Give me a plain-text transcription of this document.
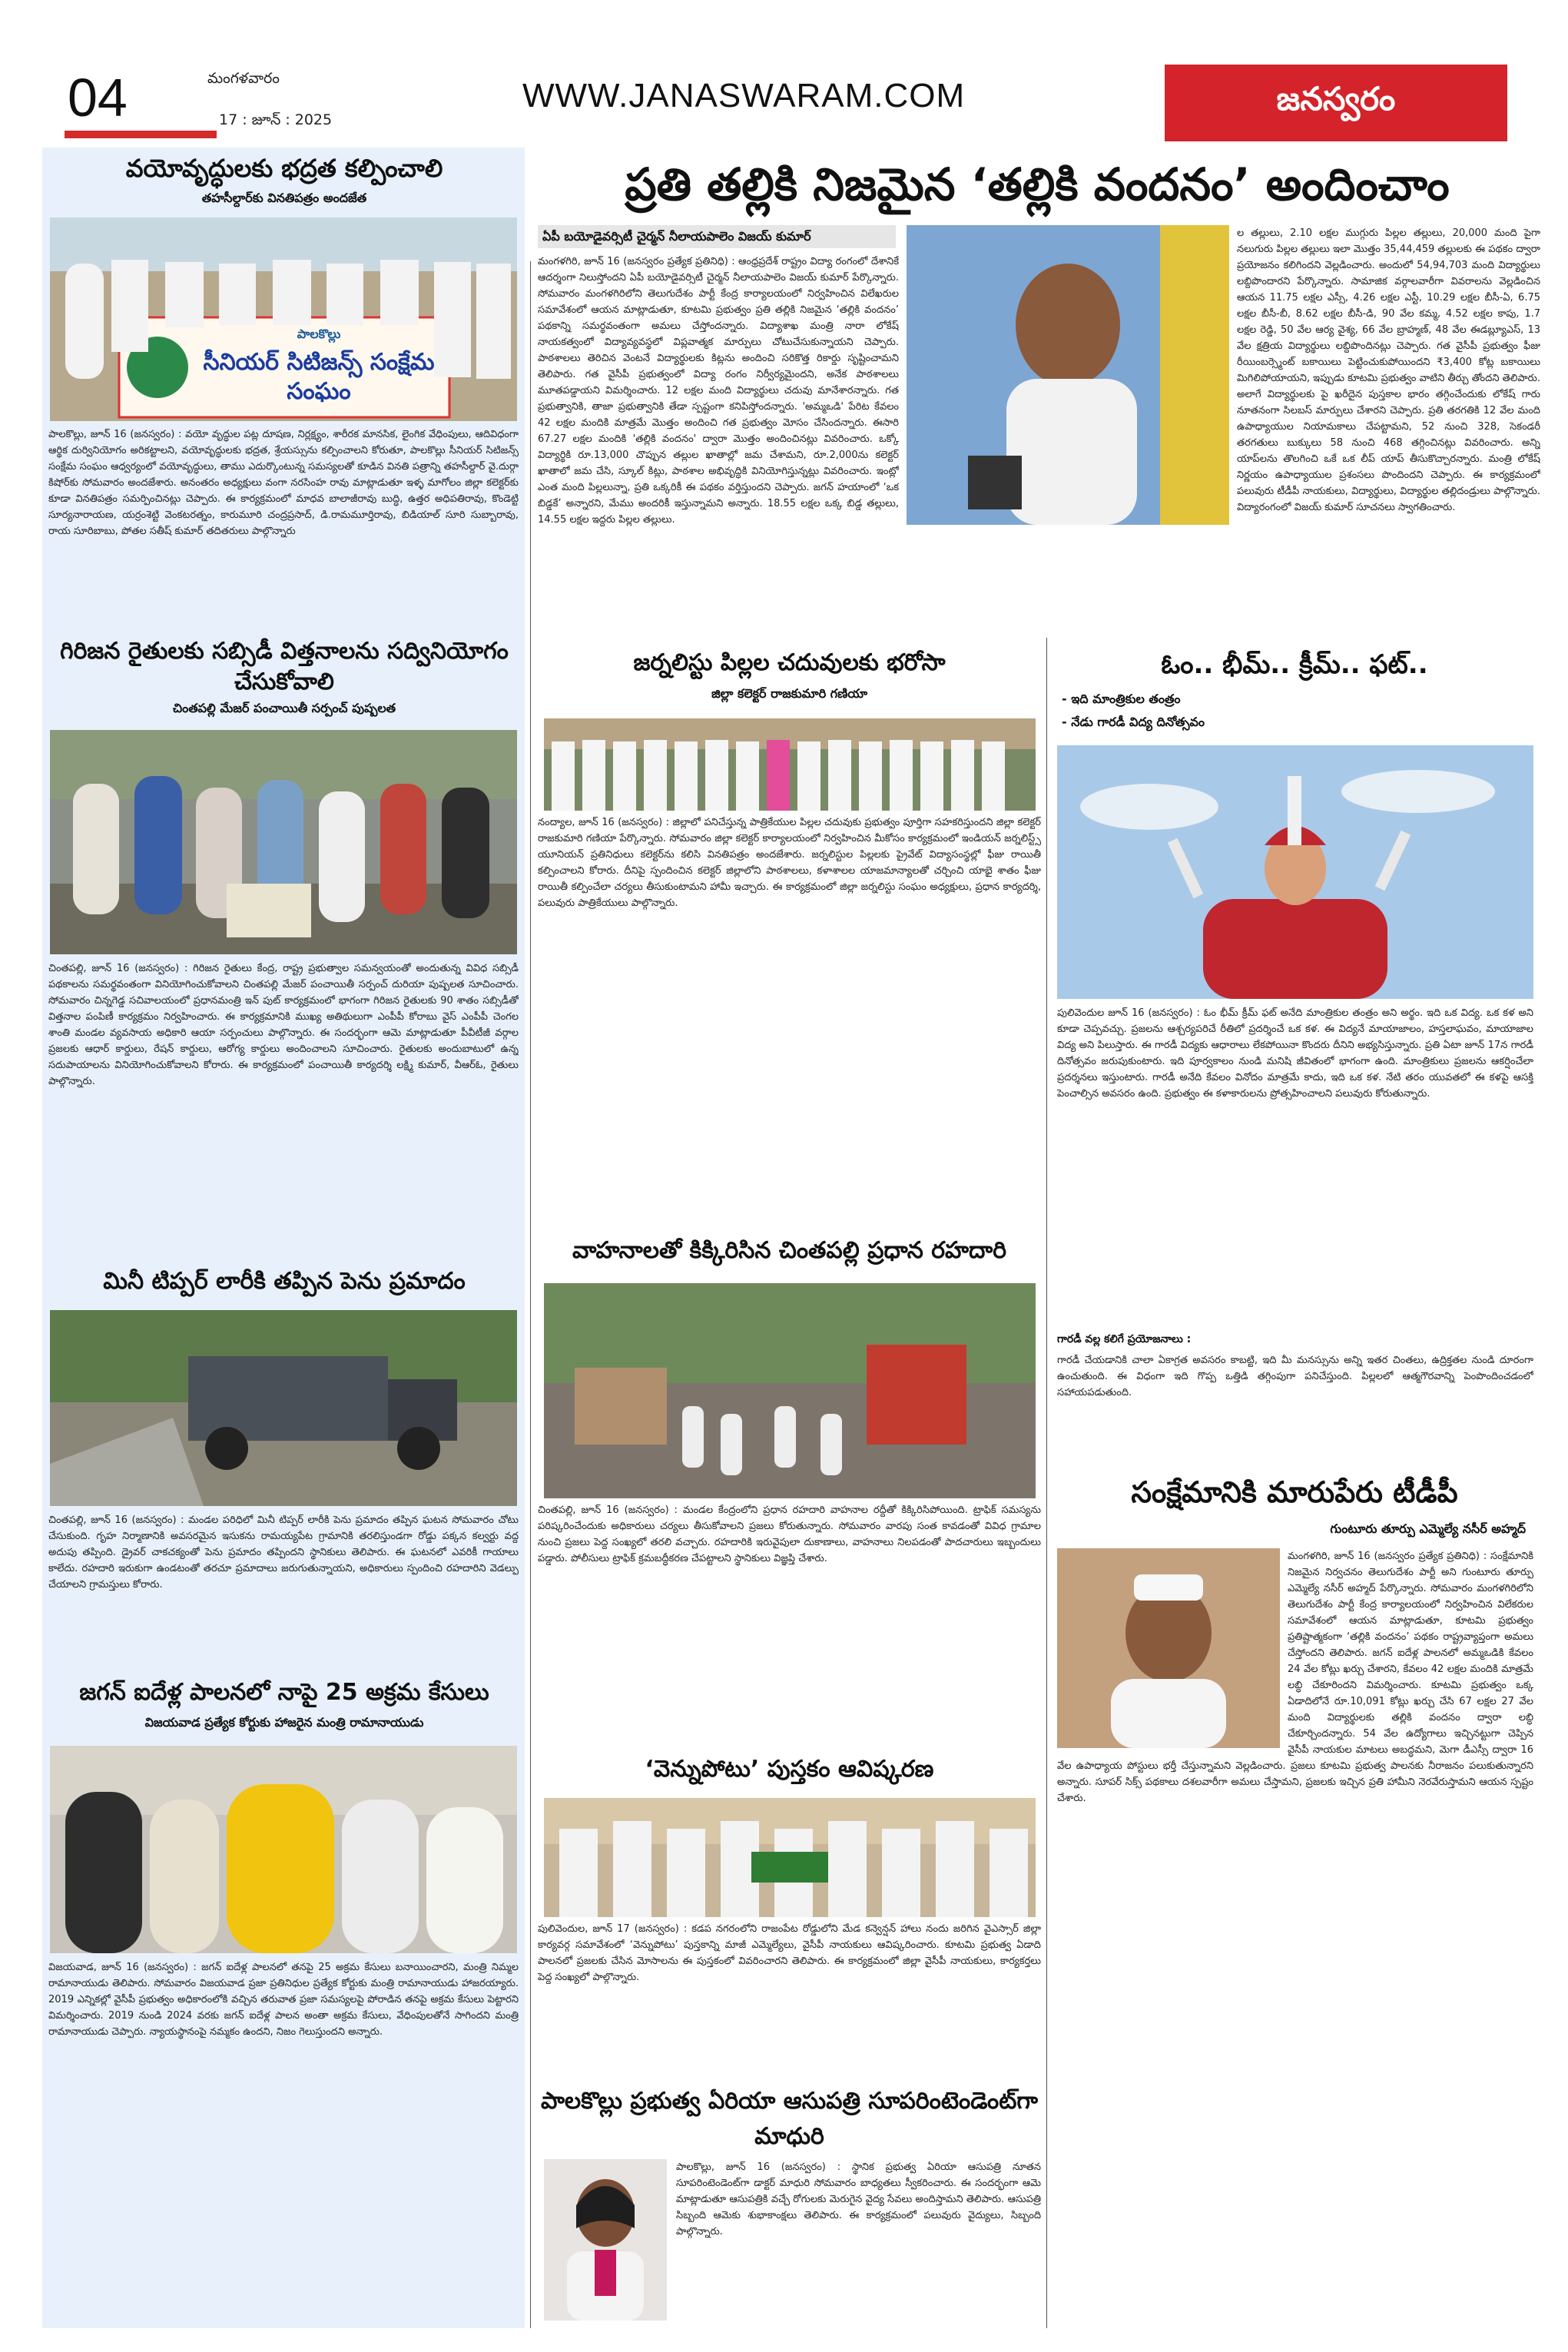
04	మంగళవారం
17 : జూన్ : 2025
WWW.JANASWARAM.COM	జనస్వరం
వయోవృద్ధులకు భద్రత కల్పించాలి
తహసీల్దార్‌కు వినతిపత్రం అందజేత
పాలకొల్లు
సీనియర్ సిటిజన్స్ సంక్షేమ సంఘం
పాలకొల్లు, జూన్ 16 (జనస్వరం) : వయో వృద్ధుల పట్ల దూషణ, నిర్లక్ష్యం, శారీరక మానసిక, లైంగిక వేధింపులు, ఆదివిధంగా ఆర్థిక దుర్వినియోగం అరికట్టాలని, వయోవృద్ధులకు భద్రత, శ్రేయస్సును కల్పించాలని కోరుతూ, పాలకొల్లు సీనియర్ సిటిజన్స్ సంక్షేమ సంఘం ఆధ్వర్యంలో వయోవృద్ధులు, తాము ఎదుర్కొంటున్న సమస్యలతో కూడిన వినతి పత్రాన్ని తహసీల్దార్ వై.దుర్గా కిషోర్‌కు సోమవారం అందజేశారు. అనంతరం అధ్యక్షులు వంగా నరసింహ రావు మాట్లాడుతూ ఇళ్ళ మాగోలం జిల్లా కలెక్టర్‌కు కూడా వినతిపత్రం సమర్పించినట్లు చెప్పారు. ఈ కార్యక్రమంలో మాధవ బాలాజీరావు బుద్ధి, ఉత్తర అధిపతిరావు, కొండెట్టి సూర్యనారాయణ, యర్రంశెట్టి వెంకటరత్నం, కారుమూరి చంద్రప్రసాద్, డి.రామమూర్తిరావు, బిడియాల్ సూరి సుబ్బారావు, రాయ సూరిబాబు, పోతల సతీష్ కుమార్ తదితరులు పాల్గొన్నారు
గిరిజన రైతులకు సబ్సిడీ విత్తనాలను సద్వినియోగం చేసుకోవాలి
చింతపల్లి మేజర్ పంచాయితీ సర్పంచ్ పుష్పలత
చింతపల్లి, జూన్ 16 (జనస్వరం) : గిరిజన రైతులు కేంద్ర, రాష్ట్ర ప్రభుత్వాల సమన్వయంతో అందుతున్న వివిధ సబ్సిడీ పథకాలను సమర్థవంతంగా వినియోగించుకోవాలని చింతపల్లి మేజర్ పంచాయితీ సర్పంచ్ దురియా పుష్పలత సూచించారు. సోమవారం చిన్నగెడ్డ సచివాలయంలో ప్రధానమంత్రి ఇన్ పుట్ కార్యక్రమంలో భాగంగా గిరిజన రైతులకు 90 శాతం సబ్సిడీతో విత్తనాల పంపిణీ కార్యక్రమం నిర్వహించారు. ఈ కార్యక్రమానికి ముఖ్య అతిథులుగా ఎంపీపీ కోరాబు వైస్ ఎంపీపీ చెంగల శాంతి మండల వ్యవసాయ అధికారి ఆయా సర్పంచులు పాల్గొన్నారు. ఈ సందర్భంగా ఆమె మాట్లాడుతూ పీవీటీజీ వర్గాల ప్రజలకు ఆధార్ కార్డులు, రేషన్ కార్డులు, ఆరోగ్య కార్డులు అందించాలని సూచించారు. రైతులకు అందుబాటులో ఉన్న సదుపాయాలను వినియోగించుకోవాలని కోరారు. ఈ కార్యక్రమంలో పంచాయితీ కార్యదర్శి లక్ష్మి కుమార్, వీఆర్ఓ, రైతులు పాల్గొన్నారు.
మినీ టిప్పర్ లారీకి తప్పిన పెను ప్రమాదం
చింతపల్లి, జూన్ 16 (జనస్వరం) : మండల పరిధిలో మినీ టిప్పర్ లారీకి పెను ప్రమాదం తప్పిన ఘటన సోమవారం చోటు చేసుకుంది. గృహ నిర్మాణానికి అవసరమైన ఇసుకను రామయ్యపేట గ్రామానికి తరలిస్తుండగా రోడ్డు పక్కన కల్వర్టు వద్ద అదుపు తప్పింది. డ్రైవర్ చాకచక్యంతో పెను ప్రమాదం తప్పిందని స్థానికులు తెలిపారు. ఈ ఘటనలో ఎవరికీ గాయాలు కాలేదు. రహదారి ఇరుకుగా ఉండటంతో తరచూ ప్రమాదాలు జరుగుతున్నాయని, అధికారులు స్పందించి రహదారిని వెడల్పు చేయాలని గ్రామస్తులు కోరారు.
జగన్ ఐదేళ్ల పాలనలో నాపై 25 అక్రమ కేసులు
విజయవాడ ప్రత్యేక కోర్టుకు హాజరైన మంత్రి రామానాయుడు
విజయవాడ, జూన్ 16 (జనస్వరం) : జగన్ ఐదేళ్ల పాలనలో తనపై 25 అక్రమ కేసులు బనాయించారని, మంత్రి నిమ్మల రామానాయుడు తెలిపారు. సోమవారం విజయవాడ ప్రజా ప్రతినిధుల ప్రత్యేక కోర్టుకు మంత్రి రామానాయుడు హాజరయ్యారు. 2019 ఎన్నికల్లో వైసీపీ ప్రభుత్వం అధికారంలోకి వచ్చిన తరువాత ప్రజా సమస్యలపై పోరాడిన తనపై అక్రమ కేసులు పెట్టారని విమర్శించారు. 2019 నుండి 2024 వరకు జగన్ ఐదేళ్ల పాలన అంతా అక్రమ కేసులు, వేధింపులతోనే సాగిందని మంత్రి రామానాయుడు చెప్పారు. న్యాయస్థానంపై నమ్మకం ఉందని, నిజం గెలుస్తుందని అన్నారు.
ప్రతి తల్లికి నిజమైన ‘తల్లికి వందనం’ అందించాం
ఏపీ బయోడైవర్సిటీ చైర్మన్ నీలాయపాలెం విజయ్ కుమార్
మంగళగిరి, జూన్ 16 (జనస్వరం ప్రత్యేక ప్రతినిధి) : ఆంధ్రప్రదేశ్ రాష్ట్రం విద్యా రంగంలో దేశానికే ఆదర్శంగా నిలుస్తోందని ఏపీ బయోడైవర్సిటీ చైర్మన్ నీలాయపాలెం విజయ్ కుమార్ పేర్కొన్నారు. సోమవారం మంగళగిరిలోని తెలుగుదేశం పార్టీ కేంద్ర కార్యాలయంలో నిర్వహించిన విలేఖరుల సమావేశంలో ఆయన మాట్లాడుతూ, కూటమి ప్రభుత్వం ప్రతి తల్లికి నిజమైన ‘తల్లికి వందనం’ పథకాన్ని సమర్థవంతంగా అమలు చేస్తోందన్నారు. విద్యాశాఖ మంత్రి నారా లోకేష్ నాయకత్వంలో విద్యావ్యవస్థలో విప్లవాత్మక మార్పులు చోటుచేసుకున్నాయని చెప్పారు. పాఠశాలలు తెరిచిన వెంటనే విద్యార్థులకు కిట్లను అందించి సరికొత్త రికార్డు సృష్టించామని తెలిపారు. గత వైసీపీ ప్రభుత్వంలో విద్యా రంగం నిర్వీర్యమైందని, అనేక పాఠశాలలు మూతపడ్డాయని విమర్శించారు. 12 లక్షల మంది విద్యార్థులు చదువు మానేశారన్నారు. గత ప్రభుత్వానికి, తాజా ప్రభుత్వానికి తేడా స్పష్టంగా కనిపిస్తోందన్నారు. 'అమ్మఒడి' పేరిట కేవలం 42 లక్షల మందికి మాత్రమే మొత్తం అందించి గత ప్రభుత్వం మోసం చేసిందన్నారు. ఈసారి 67.27 లక్షల మందికి 'తల్లికి వందనం' ద్వారా మొత్తం అందించినట్లు వివరించారు. ఒక్కో విద్యార్థికి రూ.13,000 చొప్పున తల్లుల ఖాతాల్లో జమ చేశామని, రూ.2,000ను కలెక్టర్ ఖాతాలో జమ చేసి, స్కూల్ కిట్లు, పాఠశాల అభివృద్ధికి వినియోగిస్తున్నట్లు వివరించారు. ఇంట్లో ఎంత మంది పిల్లలున్నా, ప్రతి ఒక్కరికీ ఈ పథకం వర్తిస్తుందని చెప్పారు. జగన్ హయాంలో ‘ఒక బిడ్డకే’ అన్నారని, మేము అందరికీ ఇస్తున్నామని అన్నారు. 18.55 లక్షల ఒక్క బిడ్డ తల్లులు, 14.55 లక్షల ఇద్దరు పిల్లల తల్లులు.
ల తల్లులు, 2.10 లక్షల ముగ్గురు పిల్లల తల్లులు, 20,000 మంది పైగా నలుగురు పిల్లల తల్లులు ఇలా మొత్తం 35,44,459 తల్లులకు ఈ పథకం ద్వారా ప్రయోజనం కలిగిందని వెల్లడించారు. అందులో 54,94,703 మంది విద్యార్థులు లబ్దిపొందారని పేర్కొన్నారు. సామాజిక వర్గాలవారీగా వివరాలను వెల్లడించిన ఆయన 11.75 లక్షల ఎస్సీ, 4.26 లక్షల ఎస్టీ, 10.29 లక్షల బీసీ-ఏ, 6.75 లక్షల బీసీ-బీ, 8.62 లక్షల బీసీ-డి, 90 వేల కమ్మ, 4.52 లక్షల కాపు, 1.7 లక్షల రెడ్డి, 50 వేల ఆర్య వైశ్య, 66 వేల బ్రాహ్మణ్, 48 వేల ఈడబ్ల్యూఎస్, 13 వేల క్షత్రియ విద్యార్థులు లబ్దిపొందినట్లు చెప్పారు. గత వైసీపీ ప్రభుత్వం ఫీజు రీయింబర్స్మెంట్ బకాయిలు పెట్టించుకుపోయిందని ₹3,400 కోట్ల బకాయిలు మిగిలిపోయాయని, ఇప్పుడు కూటమి ప్రభుత్వం వాటిని తీర్చు తోందని తెలిపారు. అలాగే విద్యార్థులకు పై ఖరీదైన పుస్తకాల భారం తగ్గించేందుకు లోకేష్ గారు నూతనంగా సిలబస్ మార్పులు చేశారని చెప్పారు. ప్రతి తరగతికి 12 వేల మంది ఉపాధ్యాయుల నియామకాలు చేపట్టామని, 52 నుంచి 328, సెకండరీ తరగతులు బుక్కులు 58 నుంచి 468 తగ్గించినట్లు వివరించారు. అన్ని యాప్‌లను తొలగించి ఒకే ఒక లీప్ యాప్ తీసుకొచ్చారన్నారు. మంత్రి లోకేష్ నిర్ణయం ఉపాధ్యాయుల ప్రశంసలు పొందిందని చెప్పారు. ఈ కార్యక్రమంలో పలువురు టీడీపీ నాయకులు, విద్యార్థులు, విద్యార్థుల తల్లిదండ్రులు పాల్గొన్నారు. విద్యారంగంలో విజయ్ కుమార్ సూచనలు స్వాగతించారు.
జర్నలిస్టు పిల్లల చదువులకు భరోసా
జిల్లా కలెక్టర్ రాజకుమారి గణియా
నంద్యాల, జూన్ 16 (జనస్వరం) : జిల్లాలో పనిచేస్తున్న పాత్రికేయుల పిల్లల చదువుకు ప్రభుత్వం పూర్తిగా సహకరిస్తుందని జిల్లా కలెక్టర్ రాజకుమారి గణియా పేర్కొన్నారు. సోమవారం జిల్లా కలెక్టర్ కార్యాలయంలో నిర్వహించిన మీకోసం కార్యక్రమంలో ఇండియన్ జర్నలిస్ట్స్ యూనియన్ ప్రతినిధులు కలెక్టర్‌ను కలిసి వినతిపత్రం అందజేశారు. జర్నలిస్టుల పిల్లలకు ప్రైవేట్ విద్యాసంస్థల్లో ఫీజు రాయితీ కల్పించాలని కోరారు. దీనిపై స్పందించిన కలెక్టర్ జిల్లాలోని పాఠశాలలు, కళాశాలల యాజమాన్యాలతో చర్చించి యాభై శాతం ఫీజు రాయితీ కల్పించేలా చర్యలు తీసుకుంటామని హామీ ఇచ్చారు. ఈ కార్యక్రమంలో జిల్లా జర్నలిస్టు సంఘం అధ్యక్షులు, ప్రధాన కార్యదర్శి, పలువురు పాత్రికేయులు పాల్గొన్నారు.
వాహనాలతో కిక్కిరిసిన చింతపల్లి ప్రధాన రహదారి
చింతపల్లి, జూన్ 16 (జనస్వరం) : మండల కేంద్రంలోని ప్రధాన రహదారి వాహనాల రద్దీతో కిక్కిరిసిపోయింది. ట్రాఫిక్ సమస్యను పరిష్కరించేందుకు అధికారులు చర్యలు తీసుకోవాలని ప్రజలు కోరుతున్నారు. సోమవారం వారపు సంత కావడంతో వివిధ గ్రామాల నుంచి ప్రజలు పెద్ద సంఖ్యలో తరలి వచ్చారు. రహదారికి ఇరువైపులా దుకాణాలు, వాహనాలు నిలపడంతో పాదచారులు ఇబ్బందులు పడ్డారు. పోలీసులు ట్రాఫిక్ క్రమబద్ధీకరణ చేపట్టాలని స్థానికులు విజ్ఞప్తి చేశారు.
‘వెన్నుపోటు’ పుస్తకం ఆవిష్కరణ
పులివెందుల, జూన్ 17 (జనస్వరం) : కడప నగరంలోని రాజంపేట రోడ్డులోని మేడ కన్వెన్షన్ హాలు నందు జరిగిన వైఎస్సార్ జిల్లా కార్యవర్గ సమావేశంలో ‘వెన్నుపోటు’ పుస్తకాన్ని మాజీ ఎమ్మెల్యేలు, వైసీపీ నాయకులు ఆవిష్కరించారు. కూటమి ప్రభుత్వ ఏడాది పాలనలో ప్రజలకు చేసిన మోసాలను ఈ పుస్తకంలో వివరించారని తెలిపారు. ఈ కార్యక్రమంలో జిల్లా వైసీపీ నాయకులు, కార్యకర్తలు పెద్ద సంఖ్యలో పాల్గొన్నారు.
పాలకొల్లు ప్రభుత్వ ఏరియా ఆసుపత్రి సూపరింటెండెంట్‌గా మాధురి
పాలకొల్లు, జూన్ 16 (జనస్వరం) : స్థానిక ప్రభుత్వ ఏరియా ఆసుపత్రి నూతన సూపరింటెండెంట్‌గా డాక్టర్ మాధురి సోమవారం బాధ్యతలు స్వీకరించారు. ఈ సందర్భంగా ఆమె మాట్లాడుతూ ఆసుపత్రికి వచ్చే రోగులకు మెరుగైన వైద్య సేవలు అందిస్తామని తెలిపారు. ఆసుపత్రి సిబ్బంది ఆమెకు శుభాకాంక్షలు తెలిపారు. ఈ కార్యక్రమంలో పలువురు వైద్యులు, సిబ్బంది పాల్గొన్నారు.
ఓం.. భీమ్.. క్రీమ్.. ఫట్..
- ఇది మాంత్రికుల తంత్రం
- నేడు గారడీ విద్య దినోత్సవం
పులివెందుల జూన్ 16 (జనస్వరం) : ఓం భీమ్ క్రీమ్ ఫట్ అనేది మాంత్రికుల తంత్రం అని అర్థం. ఇది ఒక విద్య. ఒక కళ అని కూడా చెప్పవచ్చు. ప్రజలను ఆశ్చర్యపరిచే రీతిలో ప్రదర్శించే ఒక కళ. ఈ విద్యనే మాయాజాలం, హస్తలాఘవం, మాయాజాల విద్య అని పిలుస్తారు. ఈ గారడీ విద్యకు ఆధారాలు లేకపోయినా కొందరు దీనిని అభ్యసిస్తున్నారు. ప్రతి ఏటా జూన్ 17న గారడీ దినోత్సవం జరుపుకుంటారు. ఇది పూర్వకాలం నుండి మనిషి జీవితంలో భాగంగా ఉంది. మాంత్రికులు ప్రజలను ఆకర్షించేలా ప్రదర్శనలు ఇస్తుంటారు. గారడీ అనేది కేవలం వినోదం మాత్రమే కాదు, ఇది ఒక కళ. నేటి తరం యువతలో ఈ కళపై ఆసక్తి పెంచాల్సిన అవసరం ఉంది. ప్రభుత్వం ఈ కళాకారులను ప్రోత్సహించాలని పలువురు కోరుతున్నారు.
గారడీ వల్ల కలిగే ప్రయోజనాలు :
గారడీ చేయడానికి చాలా ఏకాగ్రత అవసరం కాబట్టి, ఇది మీ మనస్సును అన్ని ఇతర చింతలు, ఉద్రిక్తతల నుండి దూరంగా ఉంచుతుంది. ఈ విధంగా ఇది గొప్ప ఒత్తిడి తగ్గింపుగా పనిచేస్తుంది. పిల్లలలో ఆత్మగౌరవాన్ని పెంపొందించడంలో సహాయపడుతుంది.
సంక్షేమానికి మారుపేరు టీడీపీ
గుంటూరు తూర్పు ఎమ్మెల్యే నసీర్ అహ్మద్
మంగళగిరి, జూన్ 16 (జనస్వరం ప్రత్యేక ప్రతినిధి) : సంక్షేమానికి నిజమైన నిర్వచనం తెలుగుదేశం పార్టీ అని గుంటూరు తూర్పు ఎమ్మెల్యే నసీర్ అహ్మద్ పేర్కొన్నారు. సోమవారం మంగళగిరిలోని తెలుగుదేశం పార్టీ కేంద్ర కార్యాలయంలో నిర్వహించిన విలేకరుల సమావేశంలో ఆయన మాట్లాడుతూ, కూటమి ప్రభుత్వం ప్రతిష్టాత్మకంగా ‘తల్లికి వందనం’ పథకం రాష్ట్రవ్యాప్తంగా అమలు చేస్తోందని తెలిపారు. జగన్ ఐదేళ్ల పాలనలో అమ్మఒడికి కేవలం 24 వేల కోట్లు ఖర్చు చేశారని, కేవలం 42 లక్షల మందికి మాత్రమే లబ్ధి చేకూరిందని విమర్శించారు. కూటమి ప్రభుత్వం ఒక్క ఏడాదిలోనే రూ.10,091 కోట్లు ఖర్చు చేసి 67 లక్షల 27 వేల మంది విద్యార్థులకు తల్లికి వందనం ద్వారా లబ్ధి చేకూర్చిందన్నారు. 54 వేల ఉద్యోగాలు ఇచ్చినట్టుగా చెప్పిన వైసీపీ నాయకుల మాటలు అబద్ధమని, మెగా డీఎస్సీ ద్వారా 16 వేల ఉపాధ్యాయ పోస్టులు భర్తీ చేస్తున్నామని వెల్లడించారు. ప్రజలు కూటమి ప్రభుత్వ పాలనకు నీరాజనం పలుకుతున్నారని అన్నారు. సూపర్ సిక్స్ పథకాలు దశలవారీగా అమలు చేస్తామని, ప్రజలకు ఇచ్చిన ప్రతి హామీని నెరవేరుస్తామని ఆయన స్పష్టం చేశారు.
